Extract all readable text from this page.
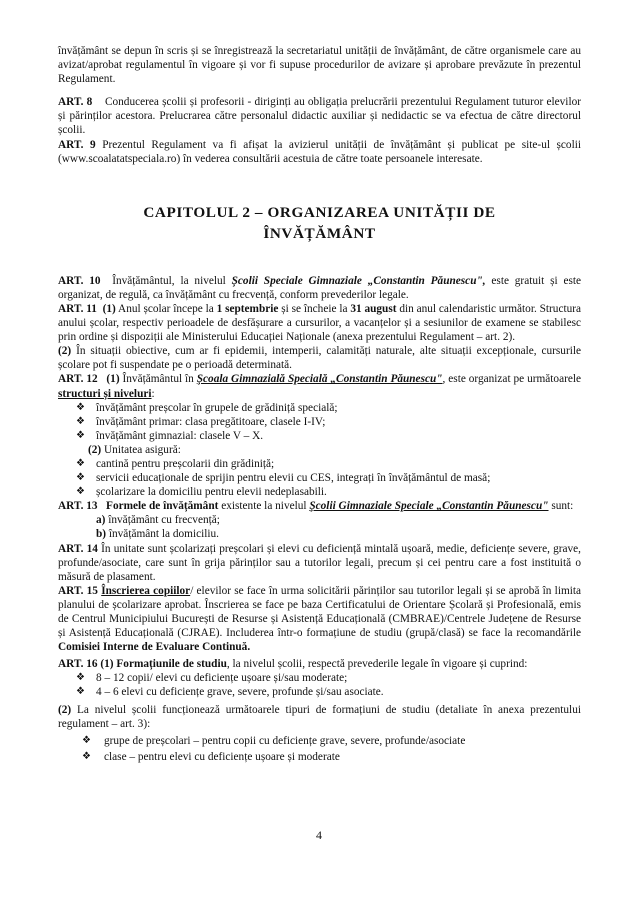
învățământ se depun în scris și se înregistrează la secretariatul unității de învățământ, de către organismele care au avizat/aprobat regulamentul în vigoare și vor fi supuse procedurilor de avizare și aprobare prevăzute în prezentul Regulament.

ART. 8 Conducerea școlii și profesorii - diriginți au obligația prelucrării prezentului Regulament tuturor elevilor și părinților acestora. Prelucrarea către personalul didactic auxiliar și nedidactic se va efectua de către directorul școlii.

ART. 9 Prezentul Regulament va fi afișat la avizierul unității de învățământ și publicat pe site-ul școlii (www.scoalatatspeciala.ro) în vederea consultării acestuia de către toate persoanele interesate.

CAPITOLUL 2 – ORGANIZAREA UNITĂȚII DE
ÎNVĂȚĂMÂNT

ART. 10 Învățământul, la nivelul Școlii Speciale Gimnaziale „Constantin Păunescu", este gratuit și este organizat, de regulă, ca învățământ cu frecvență, conform prevederilor legale.

ART. 11 (1) Anul școlar începe la 1 septembrie și se încheie la 31 august din anul calendaristic următor. Structura anului școlar, respectiv perioadele de desfășurare a cursurilor, a vacanțelor și a sesiunilor de examene se stabilesc prin ordine și dispoziții ale Ministerului Educației Naționale (anexa prezentului Regulament – art. 2).

(2) În situații obiective, cum ar fi epidemii, intemperii, calamități naturale, alte situații excepționale, cursurile școlare pot fi suspendate pe o perioadă determinată.

ART. 12 (1) Învățământul în Școala Gimnazială Specială „Constantin Păunescu", este organizat pe următoarele structuri și niveluri:

❖ învățământ preșcolar în grupele de grădiniță specială;
❖ învățământ primar: clasa pregătitoare, clasele I-IV;
❖ învățământ gimnazial: clasele V – X.

(2) Unitatea asigură:

❖ cantină pentru preșcolarii din grădiniță;
❖ servicii educaționale de sprijin pentru elevii cu CES, integrați în învățământul de masă;
❖ școlarizare la domiciliu pentru elevii nedeplasabili.

ART. 13 Formele de învățământ existente la nivelul Școlii Gimnaziale Speciale „Constantin Păunescu" sunt:

a) învățământ cu frecvență;

b) învățământ la domiciliu.

ART. 14 În unitate sunt școlarizați preșcolari și elevi cu deficiență mintală ușoară, medie, deficiențe severe, grave, profunde/asociate, care sunt în grija părinților sau a tutorilor legali, precum și cei pentru care a fost instituită o măsură de plasament.

ART. 15 Înscrierea copiilor/ elevilor se face în urma solicitării părinților sau tutorilor legali și se aprobă în limita planului de școlarizare aprobat. Înscrierea se face pe baza Certificatului de Orientare Școlară și Profesională, emis de Centrul Municipiului București de Resurse și Asistență Educațională (CMBRAE)/Centrele Județene de Resurse și Asistență Educațională (CJRAE). Includerea într-o formațiune de studiu (grupă/clasă) se face la recomandările Comisiei Interne de Evaluare Continuă.

ART. 16 (1) Formațiunile de studiu, la nivelul școlii, respectă prevederile legale în vigoare și cuprind:

❖ 8 – 12 copii/ elevi cu deficiențe ușoare și/sau moderate;
❖ 4 – 6 elevi cu deficiențe grave, severe, profunde și/sau asociate.

(2) La nivelul școlii funcționează următoarele tipuri de formațiuni de studiu (detaliate în anexa prezentului regulament – art. 3):

❖ grupe de preșcolari – pentru copii cu deficiențe grave, severe, profunde/asociate
❖ clase – pentru elevi cu deficiențe ușoare și moderate
4
